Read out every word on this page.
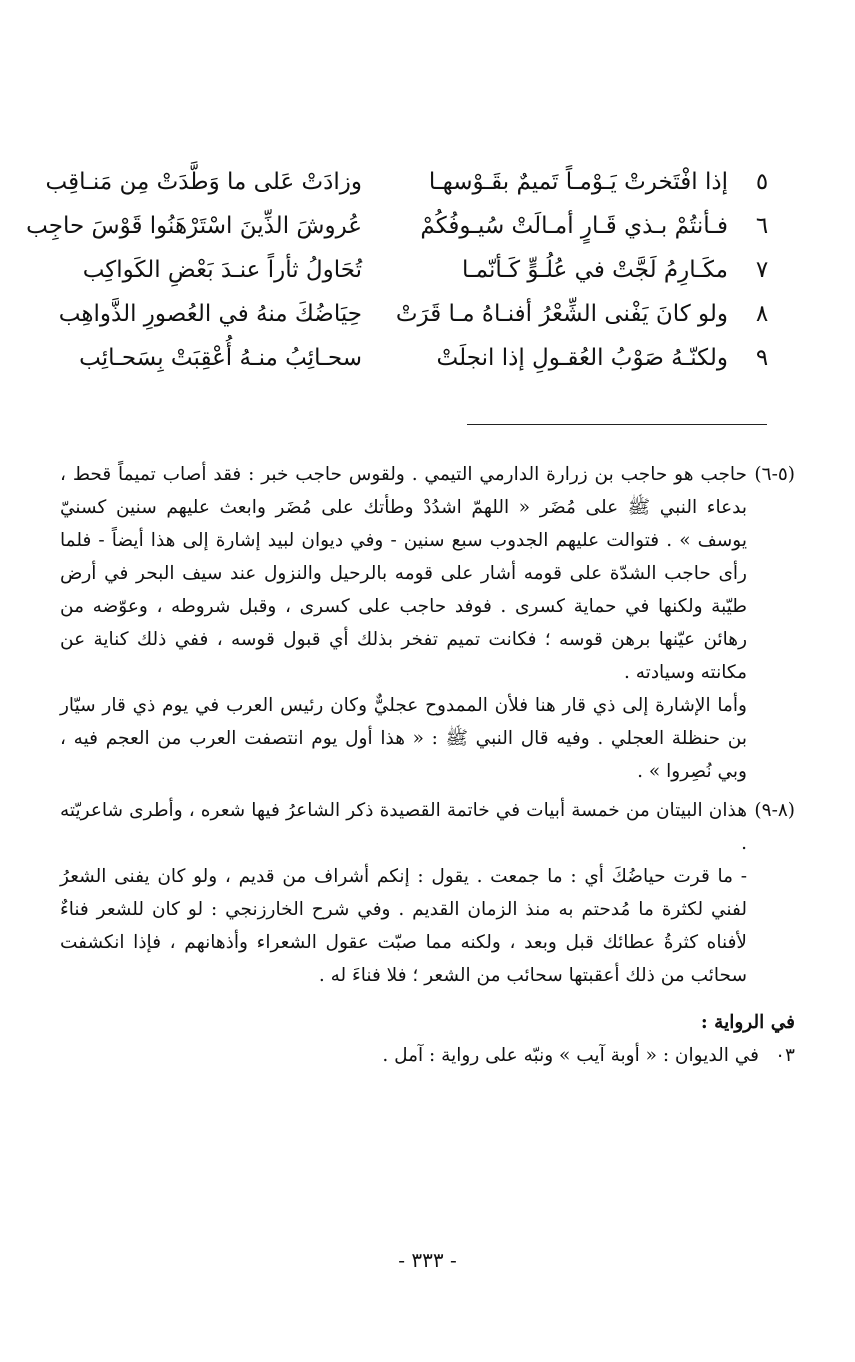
٥
إذا افْتَخرتْ يَـوْمـاً تَميمٌ بقَـوْسهـا
وزادَتْ عَلى ما وَطَّدَتْ مِن مَنـاقِب
٦
فـأنتُمْ بـذي قَـارٍ أمـالَتْ سُيـوفُكُمْ
عُروشَ الذِّينَ اسْتَرْهَنُوا قَوْسَ حاجِب
٧
مكَـارِمُ لَجَّتْ في عُلُـوٍّ كَـأنّمـا
تُحَاولُ ثأراً عنـدَ بَعْضِ الكَواكِب
٨
ولو كانَ يَفْنى الشِّعْرُ أفنـاهُ مـا قَرَتْ
حِيَاضُكَ منهُ في العُصورِ الذَّواهِب
٩
ولكنّـهُ صَوْبُ العُقـولِ إذا انجلَتْ
سحـائِبُ منـهُ أُعْقِبَتْ بِسَحـائِب
(٥-٦)

حاجب هو حاجب بن زرارة الدارمي التيمي . ولقوس حاجب خبر : فقد أصاب تميماً قحط ، بدعاء النبي ﷺ على مُضَر « اللهمّ اشدُدْ وطأتك على مُضَر وابعث عليهم سنين كسنيّ يوسف » . فتوالت عليهم الجدوب سبع سنين - وفي ديوان لبيد إشارة إلى هذا أيضاً - فلما رأى حاجب الشدّة على قومه أشار على قومه بالرحيل والنزول عند سيف البحر في أرض طيّبة ولكنها في حماية كسرى . فوفد حاجب على كسرى ، وقبل شروطه ، وعوّضه من رهائن عيّنها برهن قوسه ؛ فكانت تميم تفخر بذلك أي قبول قوسه ، ففي ذلك كناية عن مكانته وسيادته .

وأما الإشارة إلى ذي قار هنا فلأن الممدوح عجليٌّ وكان رئيس العرب في يوم ذي قار سيّار بن حنظلة العجلي . وفيه قال النبي ﷺ : « هذا أول يوم انتصفت العرب من العجم فيه ، وبي نُصِروا » .

(٨-٩)

هذان البيتان من خمسة أبيات في خاتمة القصيدة ذكر الشاعرُ فيها شعره ، وأطرى شاعريّته .

- ما قرت حياضُكَ أي : ما جمعت . يقول : إنكم أشراف من قديم ، ولو كان يفنى الشعرُ لفني لكثرة ما مُدحتم به منذ الزمان القديم . وفي شرح الخارزنجي : لو كان للشعر فناءٌ لأفناه كثرةُ عطائك قبل وبعد ، ولكنه مما صبّت عقول الشعراء وأذهانهم ، فإذا انكشفت سحائب من ذلك أعقبتها سحائب من الشعر ؛ فلا فناءَ له .

في الرواية :
٠٣
في الديوان : « أوبة آيب » ونبّه على رواية : آمل .
- ٣٣٣ -
